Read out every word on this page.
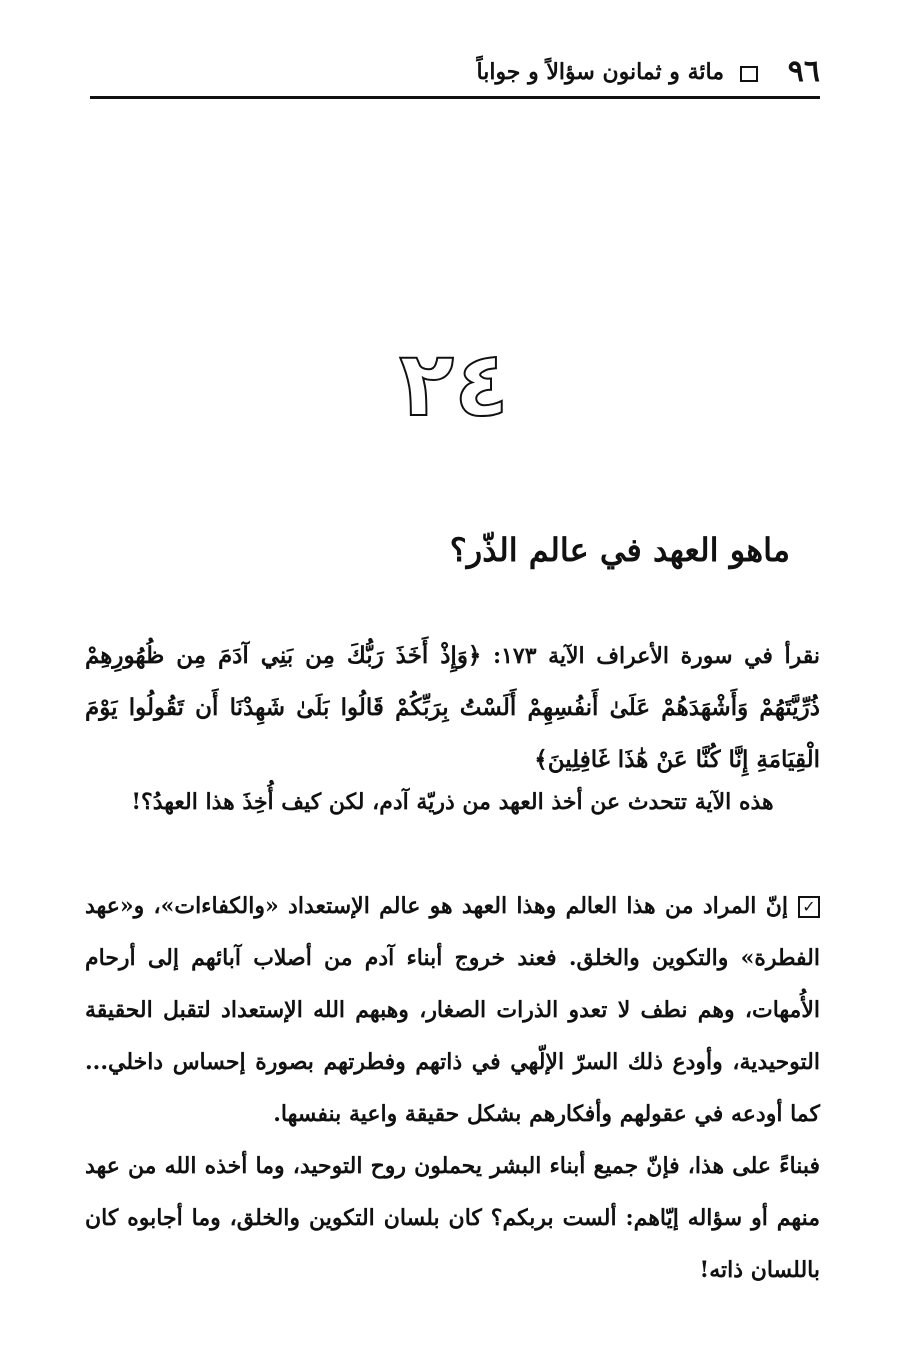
٩٦
مائة و ثمانون سؤالاً و جواباً
٢٤
ماهو العهد في عالم الذّر؟
نقرأ في سورة الأعراف الآية ١٧٣: ﴿وَإِذْ أَخَذَ رَبُّكَ مِن بَنِي آدَمَ مِن ظُهُورِهِمْ ذُرِّيَّتَهُمْ وَأَشْهَدَهُمْ عَلَىٰ أَنفُسِهِمْ أَلَسْتُ بِرَبِّكُمْ قَالُوا بَلَىٰ شَهِدْنَا أَن تَقُولُوا يَوْمَ الْقِيَامَةِ إِنَّا كُنَّا عَنْ هَٰذَا غَافِلِينَ﴾
هذه الآية تتحدث عن أخذ العهد من ذريّة آدم، لكن كيف أُخِذَ هذا العهدُ؟!
✓إنّ المراد من هذا العالم وهذا العهد هو عالم الإستعداد «والكفاءات»، و«عهد الفطرة» والتكوين والخلق. فعند خروج أبناء آدم من أصلاب آبائهم إلى أرحام الأُمهات، وهم نطف لا تعدو الذرات الصغار، وهبهم الله الإستعداد لتقبل الحقيقة التوحيدية، وأودع ذلك السرّ الإلّهي في ذاتهم وفطرتهم بصورة إحساس داخلي... كما أودعه في عقولهم وأفكارهم بشكل حقيقة واعية بنفسها.
فبناءً على هذا، فإنّ جميع أبناء البشر يحملون روح التوحيد، وما أخذه الله من عهد منهم أو سؤاله إيّاهم: ألست بربكم؟ كان بلسان التكوين والخلق، وما أجابوه كان باللسان ذاته!
